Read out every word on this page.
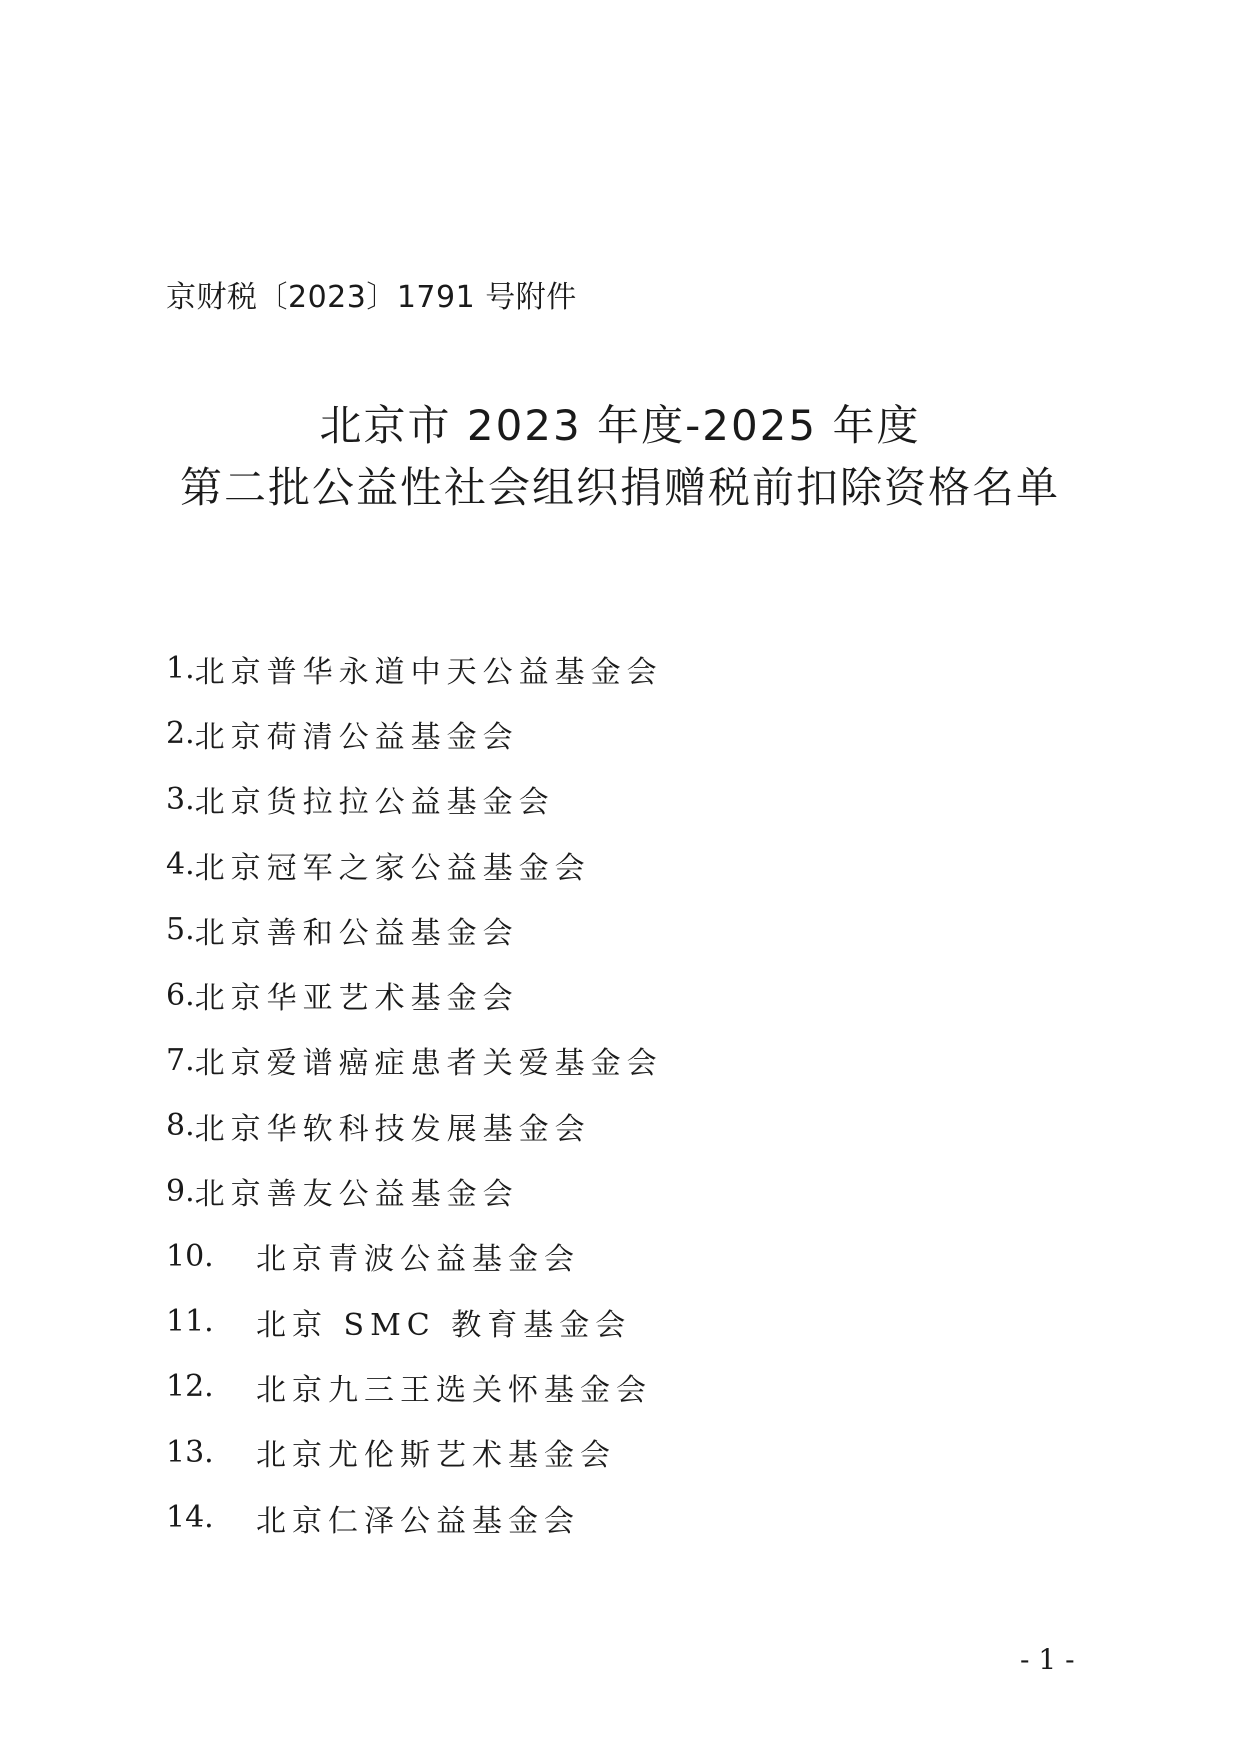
京财税〔2023〕1791 号附件
北京市 2023 年度-2025 年度
第二批公益性社会组织捐赠税前扣除资格名单
1. 北京普华永道中天公益基金会
2. 北京荷清公益基金会
3. 北京货拉拉公益基金会
4. 北京冠军之家公益基金会
5. 北京善和公益基金会
6. 北京华亚艺术基金会
7. 北京爱谱癌症患者关爱基金会
8. 北京华软科技发展基金会
9. 北京善友公益基金会
10.	北京青波公益基金会
11.	北京 SMC 教育基金会
12.	北京九三王选关怀基金会
13.	北京尤伦斯艺术基金会
14.	北京仁泽公益基金会
- 1 -
